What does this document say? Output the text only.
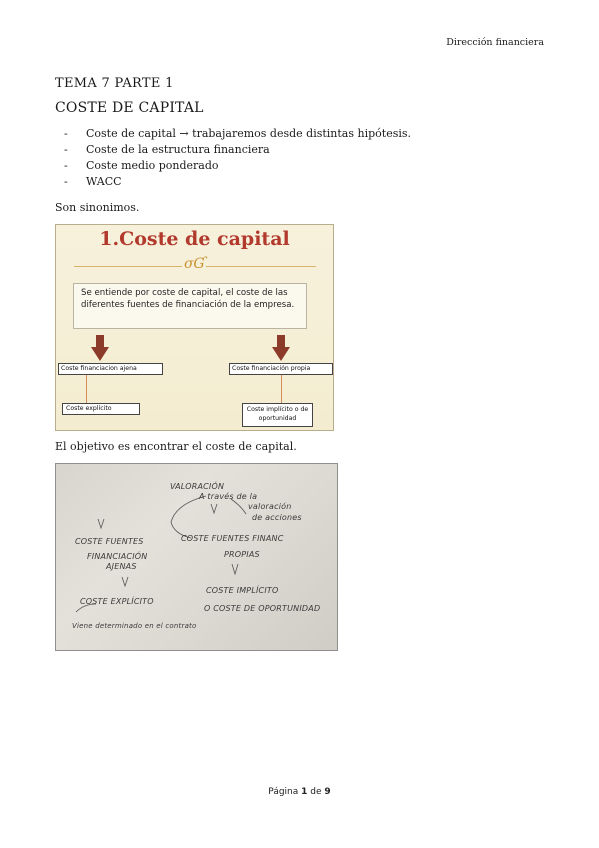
Dirección financiera
TEMA 7 PARTE 1
COSTE DE CAPITAL
- Coste de capital → trabajaremos desde distintas hipótesis.
- Coste de la estructura financiera
- Coste medio ponderado
- WACC
Son sinonimos.
1.Coste de capital
σƓ
Se entiende por coste de capital, el coste de las diferentes fuentes de financiación de la empresa.
Coste financiacion ajena	Coste financiación propia
Coste explícito	Coste implícito o de oportunidad
El objetivo es encontrar el coste de capital.
VALORACIÓN
A través de la
valoración
de acciones
COSTE FUENTES
FINANCIACIÓN
AJENAS
COSTE FUENTES FINANC
PROPIAS
COSTE EXPLÍCITO
Viene determinado en el contrato
COSTE IMPLÍCITO
O COSTE DE OPORTUNIDAD
Página 1 de 9
